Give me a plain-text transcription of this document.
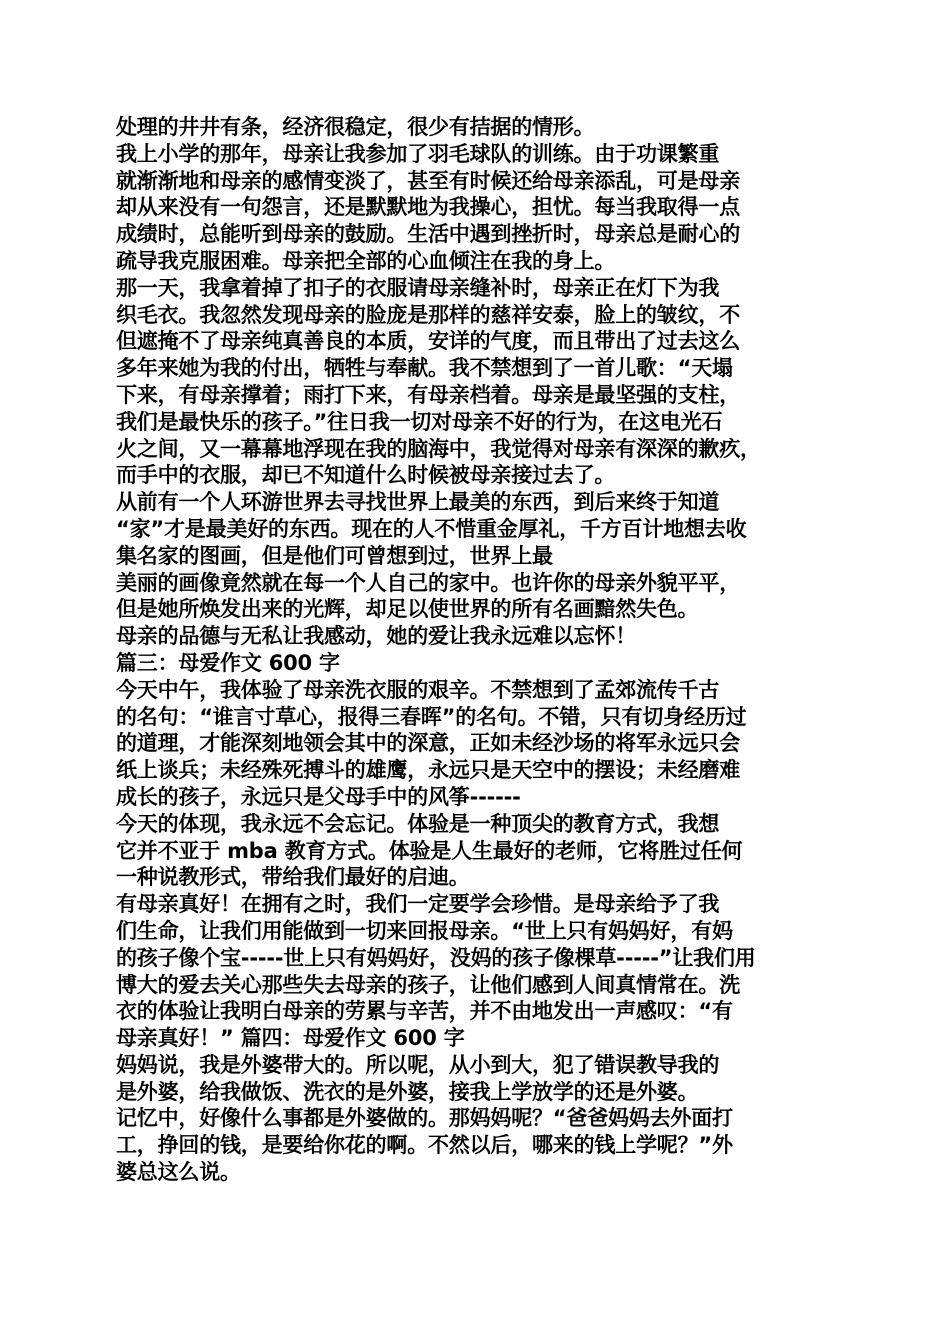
处理的井井有条，经济很稳定，很少有拮据的情形。
我上小学的那年，母亲让我参加了羽毛球队的训练。由于功课繁重
就渐渐地和母亲的感情变淡了，甚至有时候还给母亲添乱，可是母亲
却从来没有一句怨言，还是默默地为我操心，担忧。每当我取得一点
成绩时，总能听到母亲的鼓励。生活中遇到挫折时，母亲总是耐心的
疏导我克服困难。母亲把全部的心血倾注在我的身上。
那一天，我拿着掉了扣子的衣服请母亲缝补时，母亲正在灯下为我
织毛衣。我忽然发现母亲的脸庞是那样的慈祥安泰，脸上的皱纹，不
但遮掩不了母亲纯真善良的本质，安详的气度，而且带出了过去这么
多年来她为我的付出，牺牲与奉献。我不禁想到了一首儿歌：“天塌
下来，有母亲撑着；雨打下来，有母亲档着。母亲是最坚强的支柱，
我们是最快乐的孩子。”往日我一切对母亲不好的行为，在这电光石
火之间，又一幕幕地浮现在我的脑海中，我觉得对母亲有深深的歉疚，
而手中的衣服，却已不知道什么时候被母亲接过去了。
从前有一个人环游世界去寻找世界上最美的东西，到后来终于知道
“家”才是最美好的东西。现在的人不惜重金厚礼，千方百计地想去收
集名家的图画，但是他们可曾想到过，世界上最
美丽的画像竟然就在每一个人自己的家中。也许你的母亲外貌平平，
但是她所焕发出来的光辉，却足以使世界的所有名画黯然失色。
母亲的品德与无私让我感动，她的爱让我永远难以忘怀！
篇三：母爱作文 600 字
今天中午，我体验了母亲洗衣服的艰辛。不禁想到了孟郊流传千古
的名句：“谁言寸草心，报得三春晖”的名句。不错，只有切身经历过
的道理，才能深刻地领会其中的深意，正如未经沙场的将军永远只会
纸上谈兵；未经殊死搏斗的雄鹰，永远只是天空中的摆设；未经磨难
成长的孩子，永远只是父母手中的风筝------
今天的体现，我永远不会忘记。体验是一种顶尖的教育方式，我想
它并不亚于 mba 教育方式。体验是人生最好的老师，它将胜过任何
一种说教形式，带给我们最好的启迪。
有母亲真好！在拥有之时，我们一定要学会珍惜。是母亲给予了我
们生命，让我们用能做到一切来回报母亲。“世上只有妈妈好，有妈
的孩子像个宝-----世上只有妈妈好，没妈的孩子像棵草-----”让我们用
博大的爱去关心那些失去母亲的孩子，让他们感到人间真情常在。洗
衣的体验让我明白母亲的劳累与辛苦，并不由地发出一声感叹：“有
母亲真好！” 篇四：母爱作文 600 字
妈妈说，我是外婆带大的。所以呢，从小到大，犯了错误教导我的
是外婆，给我做饭、洗衣的是外婆，接我上学放学的还是外婆。
记忆中，好像什么事都是外婆做的。那妈妈呢？“爸爸妈妈去外面打
工，挣回的钱，是要给你花的啊。不然以后，哪来的钱上学呢？”外
婆总这么说。
